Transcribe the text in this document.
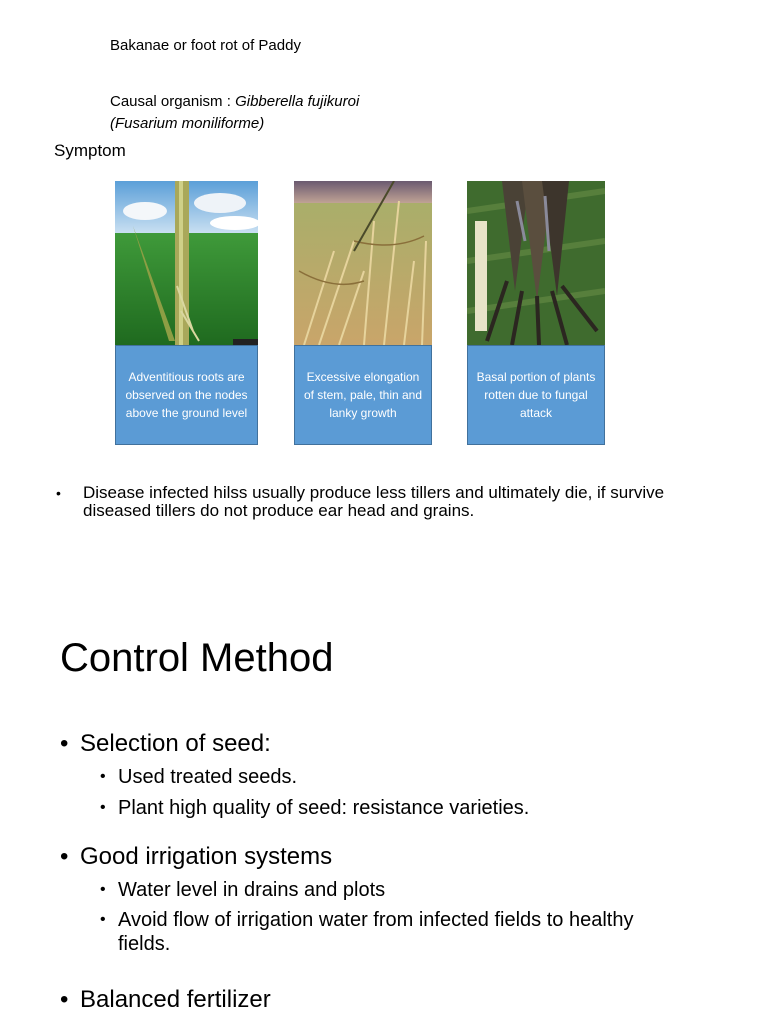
Bakanae or foot rot of Paddy
Causal organism : Gibberella fujikuroi
(Fusarium moniliforme)
Symptom
Adventitious roots are observed on the nodes above the ground level
Excessive elongation of stem, pale, thin and lanky growth
Basal portion of plants rotten due to fungal attack
• Disease infected hilss usually produce less tillers and ultimately die, if survive diseased tillers do not produce ear head and grains.
Control Method
• Selection of seed:
• Used treated seeds.
• Plant high quality of seed: resistance varieties.
• Good irrigation systems
• Water level in drains and plots
• Avoid flow of irrigation water from infected fields to healthy fields.
• Balanced fertilizer
